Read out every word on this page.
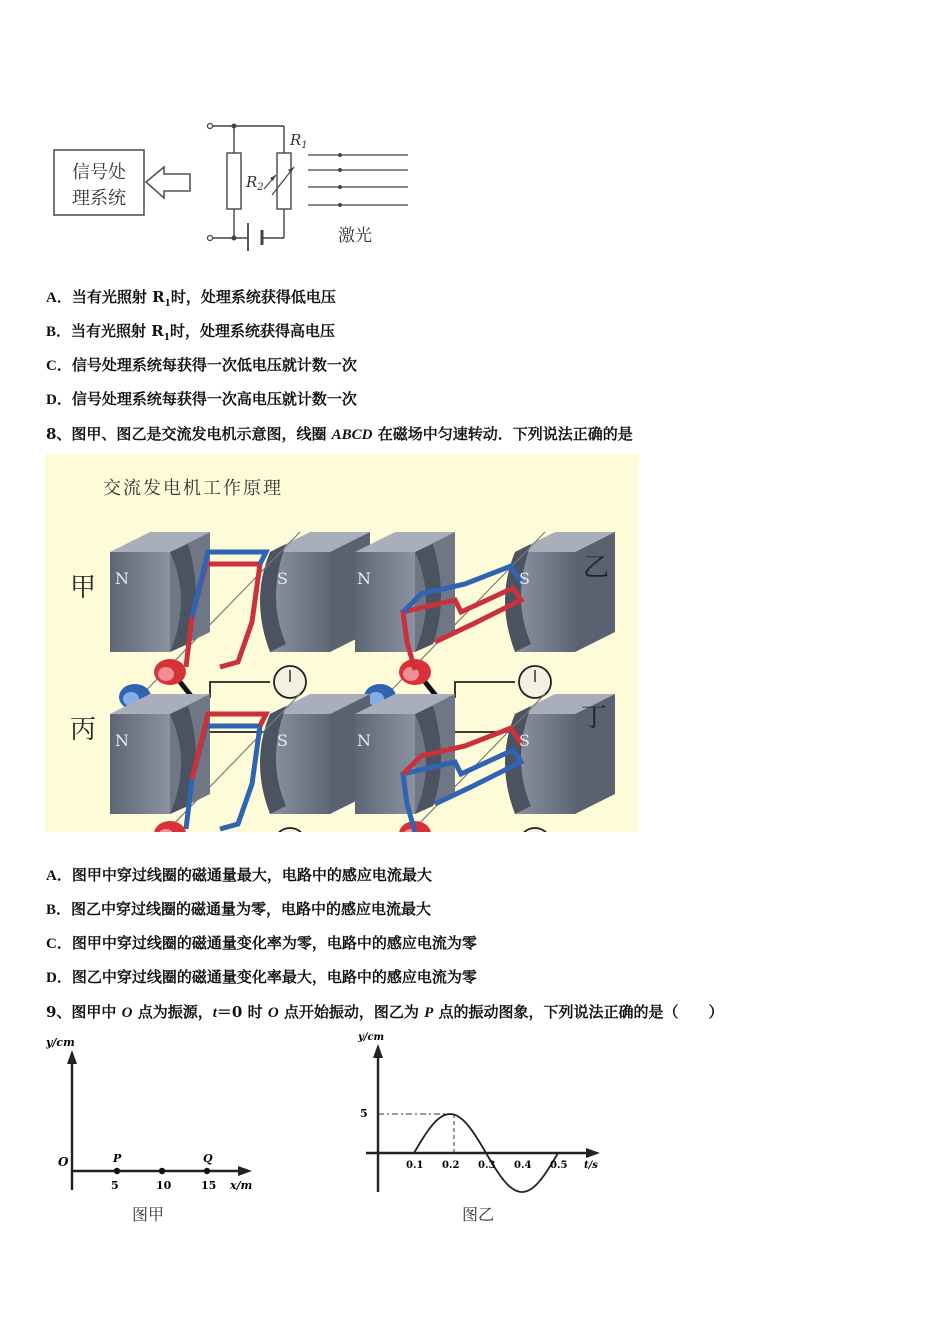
信号处
理系统
$R_2$
$R_1$
激光
A．当有光照射 $R_1$时，处理系统获得低电压
B．当有光照射 $R_1$时，处理系统获得高电压
C．信号处理系统每获得一次低电压就计数一次
D．信号处理系统每获得一次高电压就计数一次
8、图甲、图乙是交流发电机示意图，线圈 ABCD 在磁场中匀速转动．下列说法正确的是
交流发电机工作原理
N	S	N	S
N	S	N	S
甲
乙
丙	丁
A．图甲中穿过线圈的磁通量最大，电路中的感应电流最大
B．图乙中穿过线圈的磁通量为零，电路中的感应电流最大
C．图甲中穿过线圈的磁通量变化率为零，电路中的感应电流为零
D．图乙中穿过线圈的磁通量变化率最大，电路中的感应电流为零
9、图甲中 O 点为振源，t＝0 时 O 点开始振动，图乙为 P 点的振动图象，下列说法正确的是（　　）
y/cm
O	P
5	10
Q
15 x/m
图甲
y/cm
5
0.1 0.2 0.3 0.4 0.5 t/s
图乙
